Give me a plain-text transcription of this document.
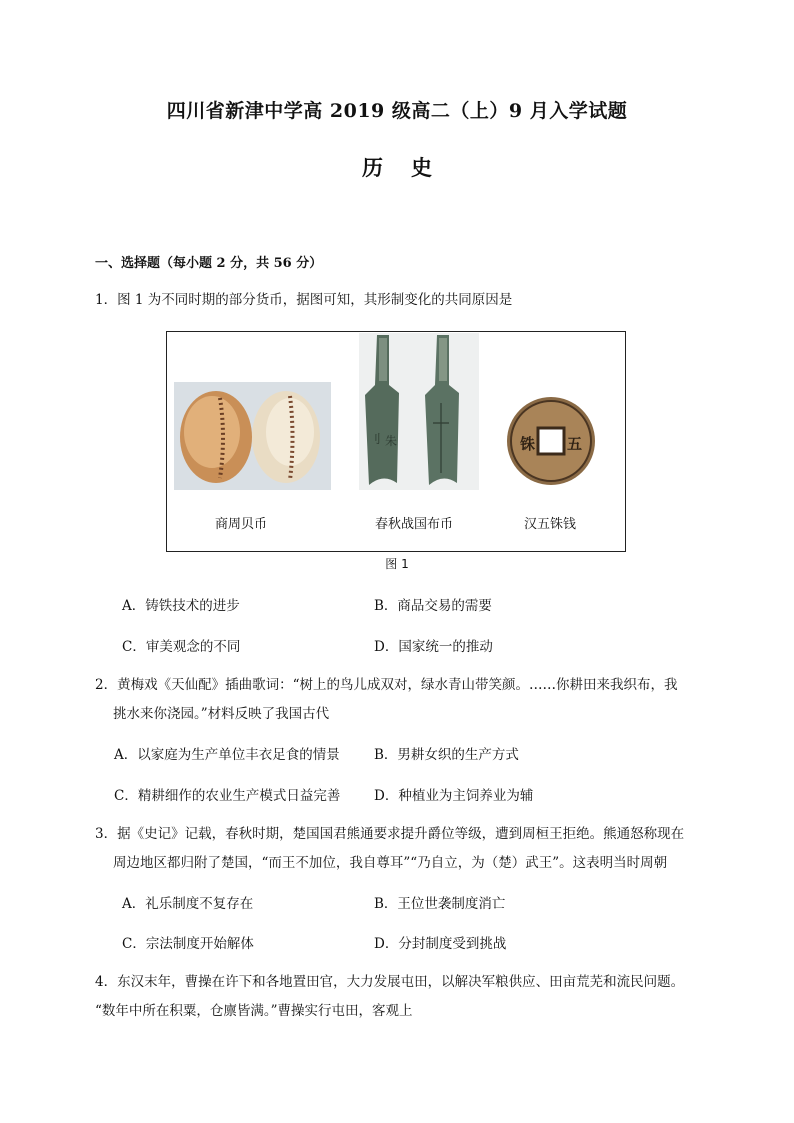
四川省新津中学高 2019 级高二（上）9 月入学试题
历史
一、选择题（每小题 2 分，共 56 分）
1．图 1 为不同时期的部分货币，据图可知，其形制变化的共同原因是
商周贝币
刂 朱
春秋战国布币
铢 五
汉五铢钱
图 1
A．铸铁技术的进步	B．商品交易的需要
C．审美观念的不同	D．国家统一的推动
2．黄梅戏《天仙配》插曲歌词：“树上的鸟儿成双对，绿水青山带笑颜。……你耕田来我织布，我
挑水来你浇园。”材料反映了我国古代
A．以家庭为生产单位丰衣足食的情景	B．男耕女织的生产方式
C．精耕细作的农业生产模式日益完善 D．种植业为主饲养业为辅
3．据《史记》记载，春秋时期，楚国国君熊通要求提升爵位等级，遭到周桓王拒绝。熊通怒称现在
周边地区都归附了楚国，“而王不加位，我自尊耳”“乃自立，为（楚）武王”。这表明当时周朝
A．礼乐制度不复存在	B．王位世袭制度消亡
C．宗法制度开始解体	D．分封制度受到挑战
4．东汉末年，曹操在许下和各地置田官，大力发展屯田，以解决军粮供应、田亩荒芜和流民问题。
“数年中所在积粟，仓廪皆满。”曹操实行屯田，客观上
